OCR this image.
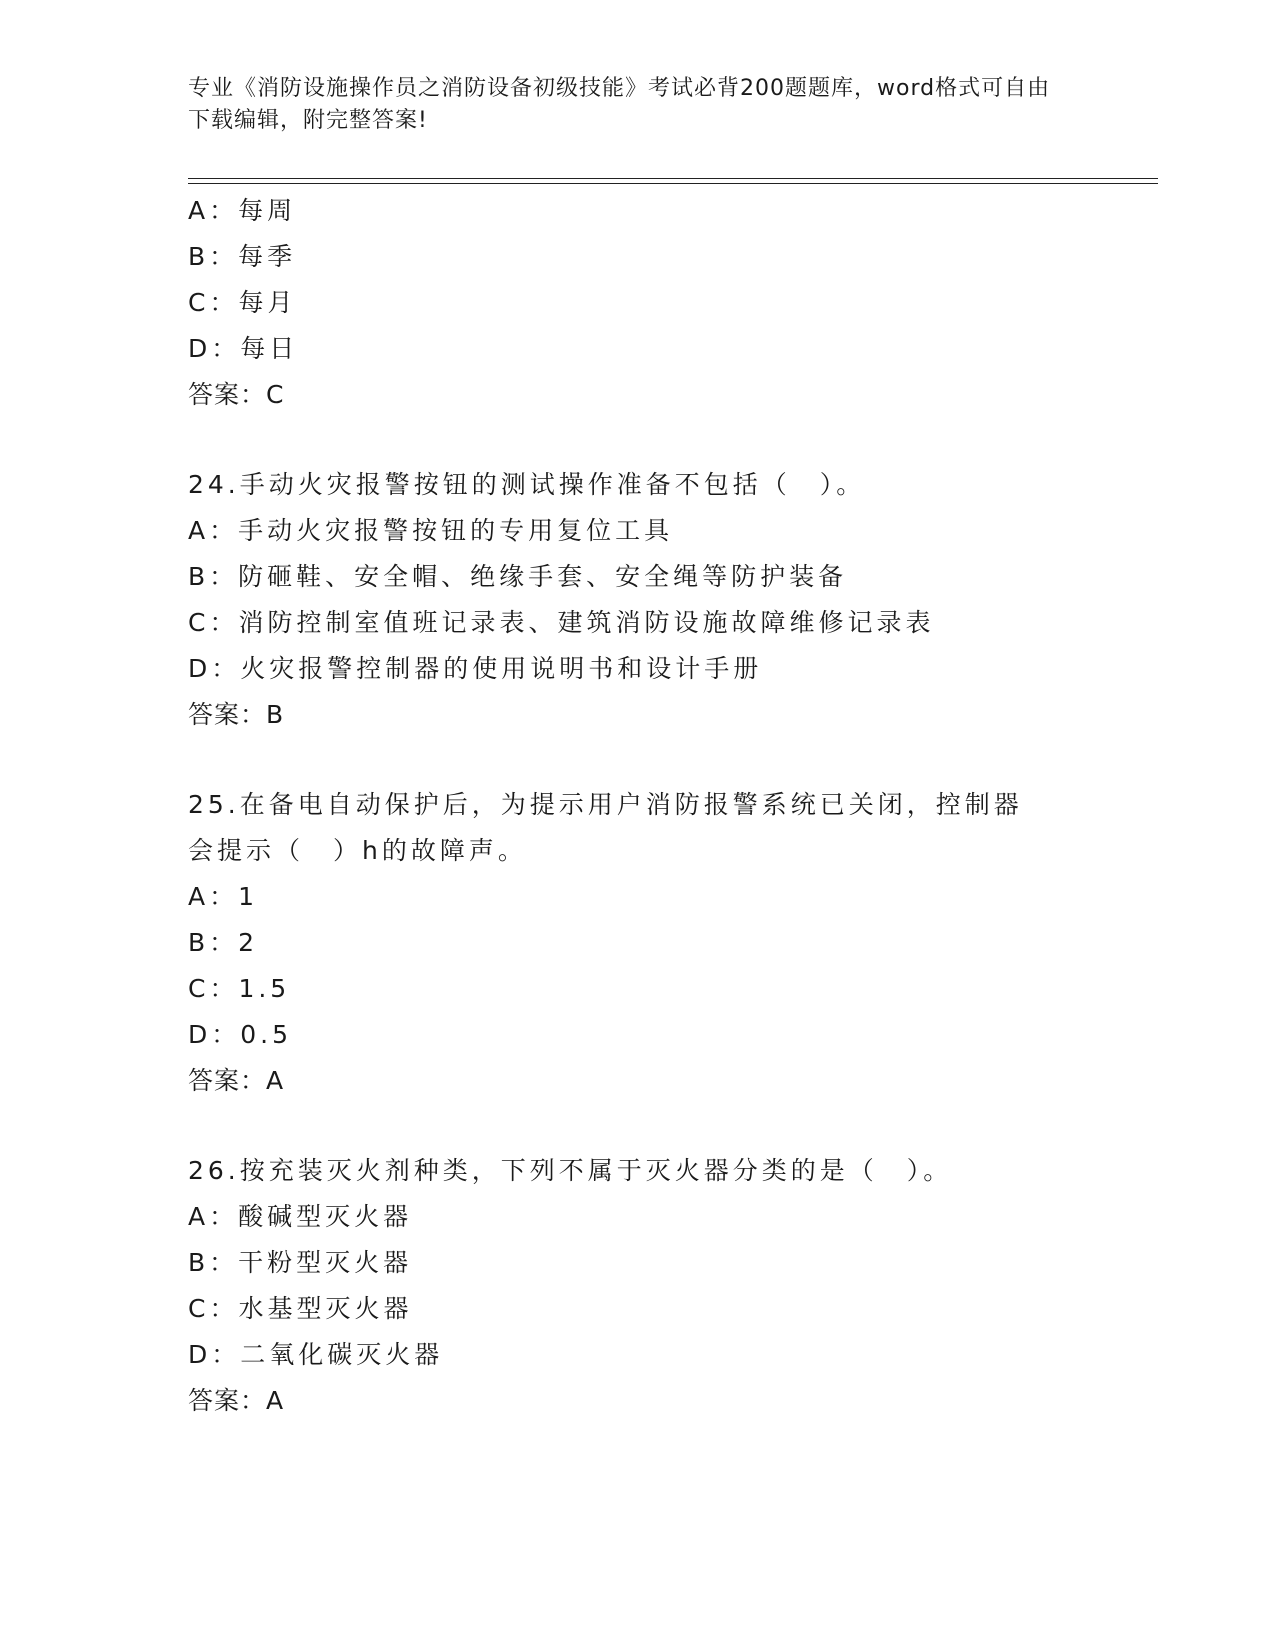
专业《消防设施操作员之消防设备初级技能》考试必背200题题库，word格式可自由下载编辑，附完整答案!
A：每周
B：每季
C：每月
D：每日
答案：C
24.手动火灾报警按钮的测试操作准备不包括（　）。
A：手动火灾报警按钮的专用复位工具
B：防砸鞋、安全帽、绝缘手套、安全绳等防护装备
C：消防控制室值班记录表、建筑消防设施故障维修记录表
D：火灾报警控制器的使用说明书和设计手册
答案：B
25.在备电自动保护后，为提示用户消防报警系统已关闭，控制器会提示（　）h的故障声。
A：1
B：2
C：1.5
D：0.5
答案：A
26.按充装灭火剂种类，下列不属于灭火器分类的是（　）。
A：酸碱型灭火器
B：干粉型灭火器
C：水基型灭火器
D：二氧化碳灭火器
答案：A
